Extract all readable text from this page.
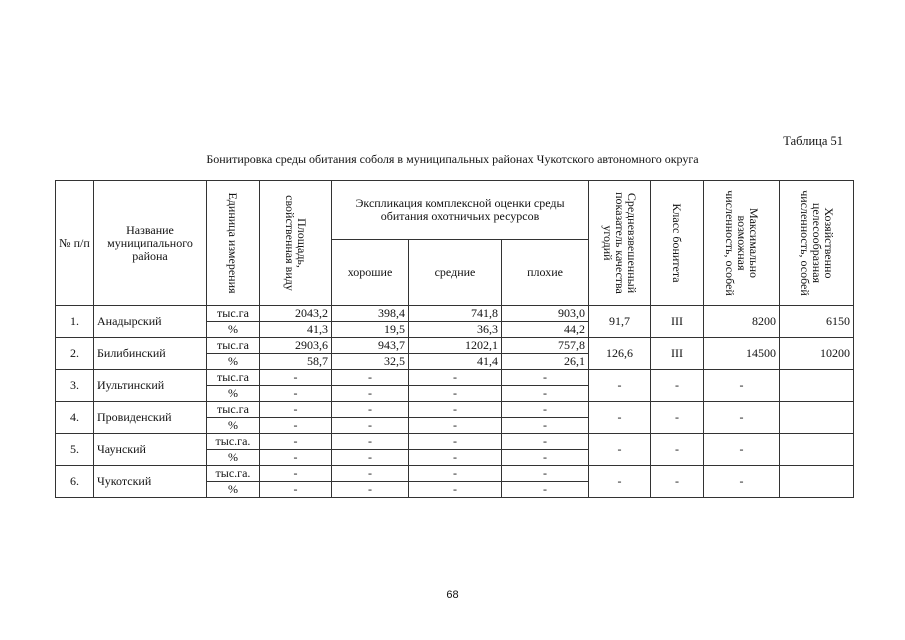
Таблица 51
Бонитировка среды обитания соболя в муниципальных районах Чукотского автономного округа
№ п/п	Название муниципального района	Единица измерения	Площадь, свойственная виду	Экспликация комплексной оценки среды обитания охотничьих ресурсов			Средневзвешенный показатель качества угодий	Класс бонитета	Максимально возможная численность, особей	Хозяйственно целесообразная численность, особей

				хорошие	средние	плохие				
1.	Анадырский	тыс.га	2043,2	398,4	741,8	903,0	91,7	III	8200	6150
		%	41,3	19,5	36,3	44,2				
2.	Билибинский	тыс.га	2903,6	943,7	1202,1	757,8	126,6	III	14500	10200
		%	58,7	32,5	41,4	26,1				
3.	Иультинский	тыс.га	-	-	-	-	-	-	-	
		%	-	-	-	-				
4.	Провиденский	тыс.га	-	-	-	-	-	-	-	
		%	-	-	-	-				
5.	Чаунский	тыс.га.	-	-	-	-	-	-	-	
		%	-	-	-	-				
6.	Чукотский	тыс.га.	-	-	-	-	-	-	-	
		%	-	-	-	-				
68
